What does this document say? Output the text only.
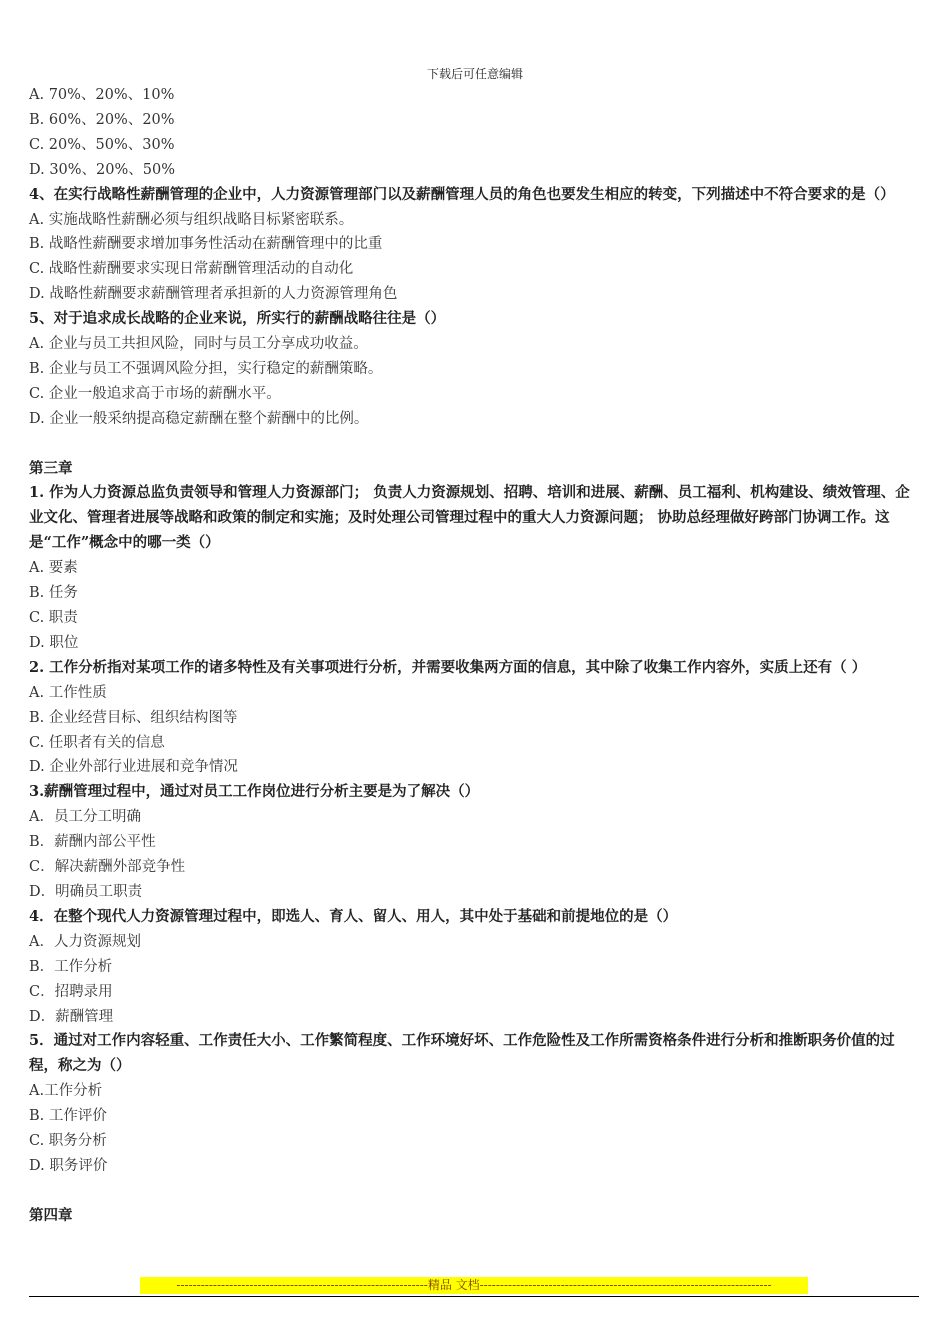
下载后可任意编辑
A. 70%、20%、10%
B. 60%、20%、20%
C. 20%、50%、30%
D. 30%、20%、50%
4、在实行战略性薪酬管理的企业中，人力资源管理部门以及薪酬管理人员的角色也要发生相应的转变，下列描述中不符合要求的是（）
A. 实施战略性薪酬必须与组织战略目标紧密联系。
B. 战略性薪酬要求增加事务性活动在薪酬管理中的比重
C. 战略性薪酬要求实现日常薪酬管理活动的自动化
D. 战略性薪酬要求薪酬管理者承担新的人力资源管理角色
5、对于追求成长战略的企业来说，所实行的薪酬战略往往是（）
A. 企业与员工共担风险，同时与员工分享成功收益。
B. 企业与员工不强调风险分担，实行稳定的薪酬策略。
C. 企业一般追求高于市场的薪酬水平。
D. 企业一般采纳提高稳定薪酬在整个薪酬中的比例。
第三章
1. 作为人力资源总监负责领导和管理人力资源部门； 负责人力资源规划、招聘、培训和进展、薪酬、员工福利、机构建设、绩效管理、企业文化、管理者进展等战略和政策的制定和实施；及时处理公司管理过程中的重大人力资源问题； 协助总经理做好跨部门协调工作。这是“工作”概念中的哪一类（）
A. 要素
B. 任务
C. 职责
D. 职位
2. 工作分析指对某项工作的诸多特性及有关事项进行分析，并需要收集两方面的信息，其中除了收集工作内容外，实质上还有（ ）
A. 工作性质
B. 企业经营目标、组织结构图等
C. 任职者有关的信息
D. 企业外部行业进展和竞争情况
3.薪酬管理过程中，通过对员工工作岗位进行分析主要是为了解决（）
A．员工分工明确
B．薪酬内部公平性
C．解决薪酬外部竞争性
D．明确员工职责
4．在整个现代人力资源管理过程中，即选人、育人、留人、用人，其中处于基础和前提地位的是（）
A．人力资源规划
B．工作分析
C．招聘录用
D．薪酬管理
5．通过对工作内容轻重、工作责任大小、工作繁简程度、工作环境好坏、工作危险性及工作所需资格条件进行分析和推断职务价值的过程，称之为（）
A.工作分析
B. 工作评价
C. 职务分析
D. 职务评价
第四章
--------------------------------------------------------------精品 文档------------------------------------------------------------------------
